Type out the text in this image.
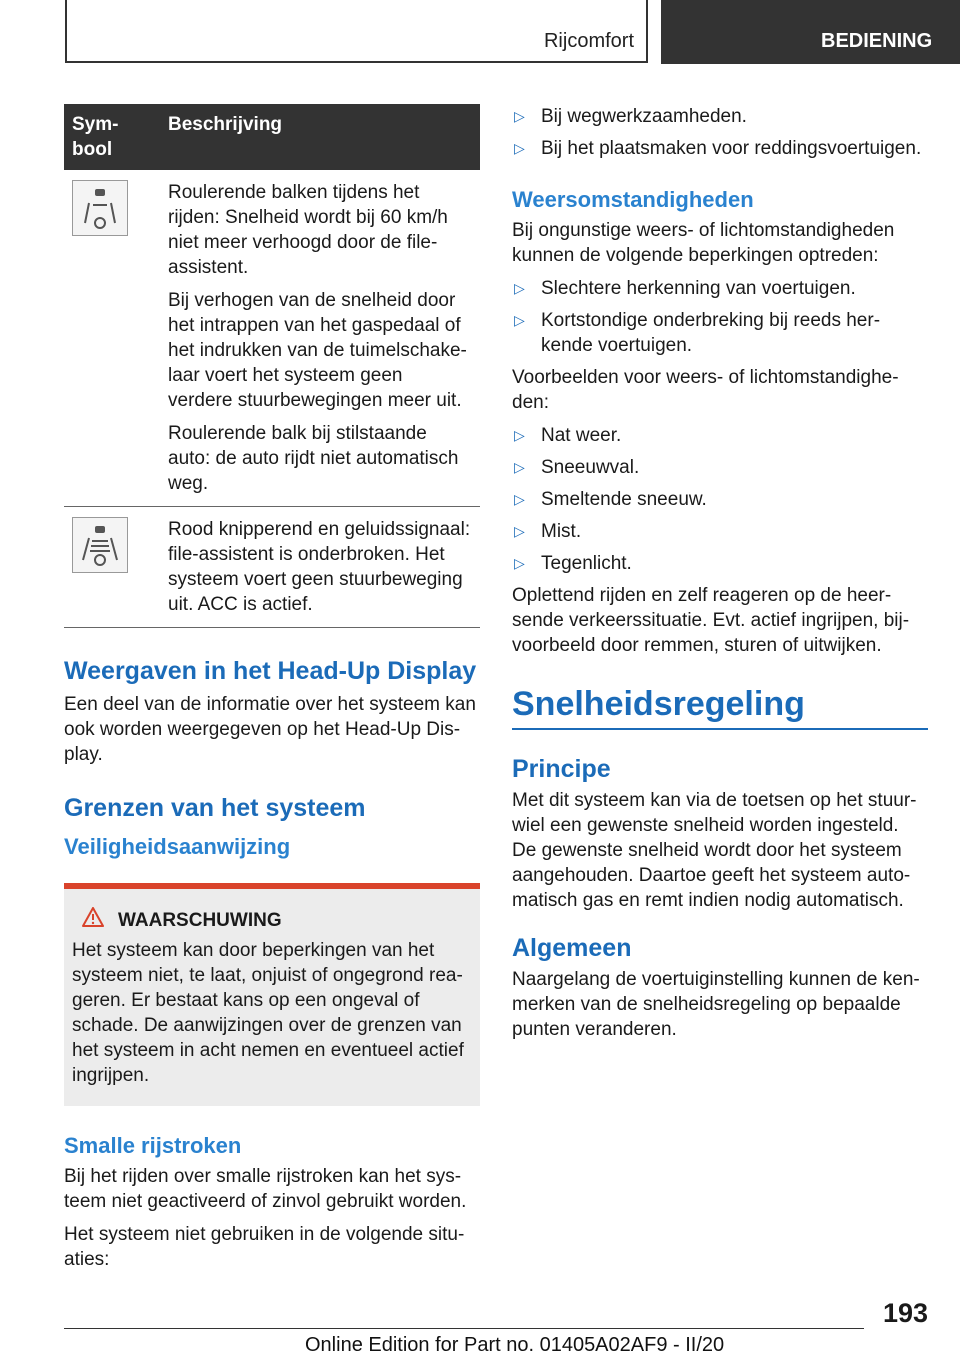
Rijcomfort	BEDIENING
Sym-
bool	Beschrijving

Roulerende balken tijdens het rijden: Snelheid wordt bij 60 km/h niet meer verhoogd door de file-assistent.

Bij verhogen van de snelheid door het intrappen van het gaspedaal of het indrukken van de tuimelschake-laar voert het systeem geen verdere stuurbewegingen meer uit.

Roulerende balk bij stilstaande auto: de auto rijdt niet automatisch weg.

Rood knipperend en geluidssignaal: file-assistent is onderbroken. Het systeem voert geen stuurbeweging uit. ACC is actief.

Weergaven in het Head-Up Display

Een deel van de informatie over het systeem kan ook worden weergegeven op het Head-Up Dis-play.

Grenzen van het systeem
Veiligheidsaanwijzing
WAARSCHUWING
Het systeem kan door beperkingen van het systeem niet, te laat, onjuist of ongegrond rea-geren. Er bestaat kans op een ongeval of schade. De aanwijzingen over de grenzen van het systeem in acht nemen en eventueel actief ingrijpen.
Smalle rijstroken

Bij het rijden over smalle rijstroken kan het sys-teem niet geactiveerd of zinvol gebruikt worden.

Het systeem niet gebruiken in de volgende situ-aties:

▷ Bij wegwerkzaamheden.
▷ Bij het plaatsmaken voor reddingsvoertuigen.
Weersomstandigheden

Bij ongunstige weers- of lichtomstandigheden kunnen de volgende beperkingen optreden:

▷ Slechtere herkenning van voertuigen.
▷ Kortstondige onderbreking bij reeds her-kende voertuigen.

Voorbeelden voor weers- of lichtomstandighe-den:

▷ Nat weer.
▷ Sneeuwval.
▷ Smeltende sneeuw.
▷ Mist.
▷ Tegenlicht.

Oplettend rijden en zelf reageren op de heer-sende verkeerssituatie. Evt. actief ingrijpen, bij-voorbeeld door remmen, sturen of uitwijken.

Snelheidsregeling
Principe

Met dit systeem kan via de toetsen op het stuur-wiel een gewenste snelheid worden ingesteld. De gewenste snelheid wordt door het systeem aangehouden. Daartoe geeft het systeem auto-matisch gas en remt indien nodig automatisch.

Algemeen

Naargelang de voertuiginstelling kunnen de ken-merken van de snelheidsregeling op bepaalde punten veranderen.

193
Online Edition for Part no. 01405A02AF9 - II/20
